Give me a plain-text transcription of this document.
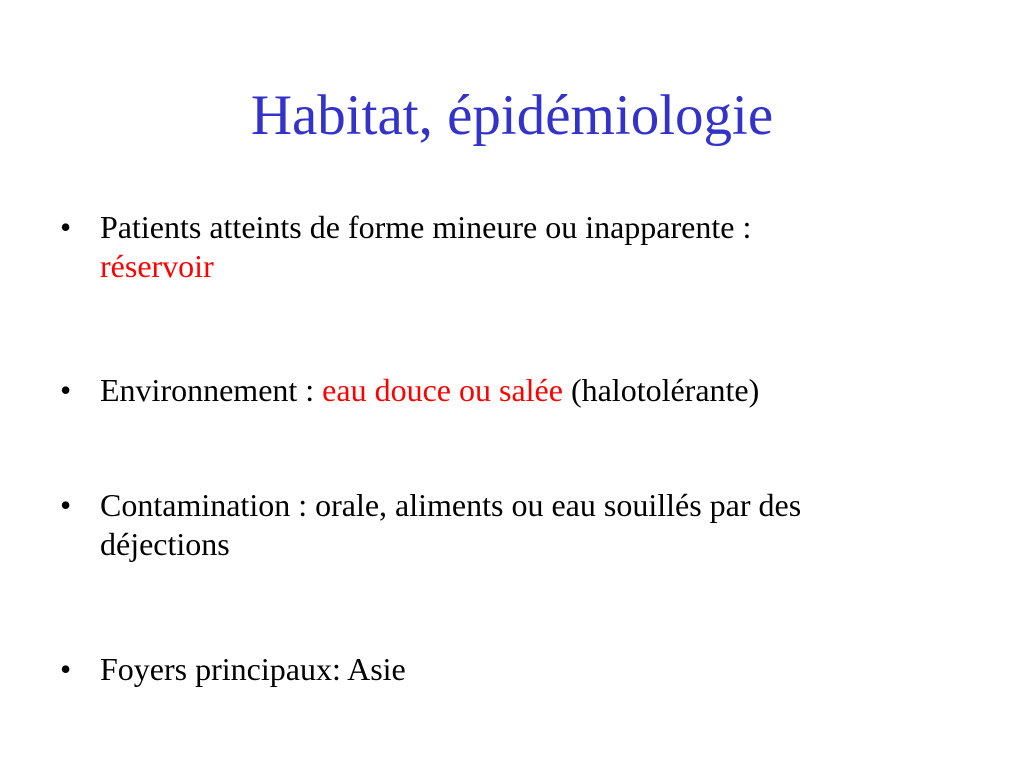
Habitat, épidémiologie
• Patients atteints de forme mineure ou inapparente :
réservoir
• Environnement : eau douce ou salée (halotolérante)
• Contamination : orale, aliments ou eau souillés par des déjections
• Foyers principaux: Asie
